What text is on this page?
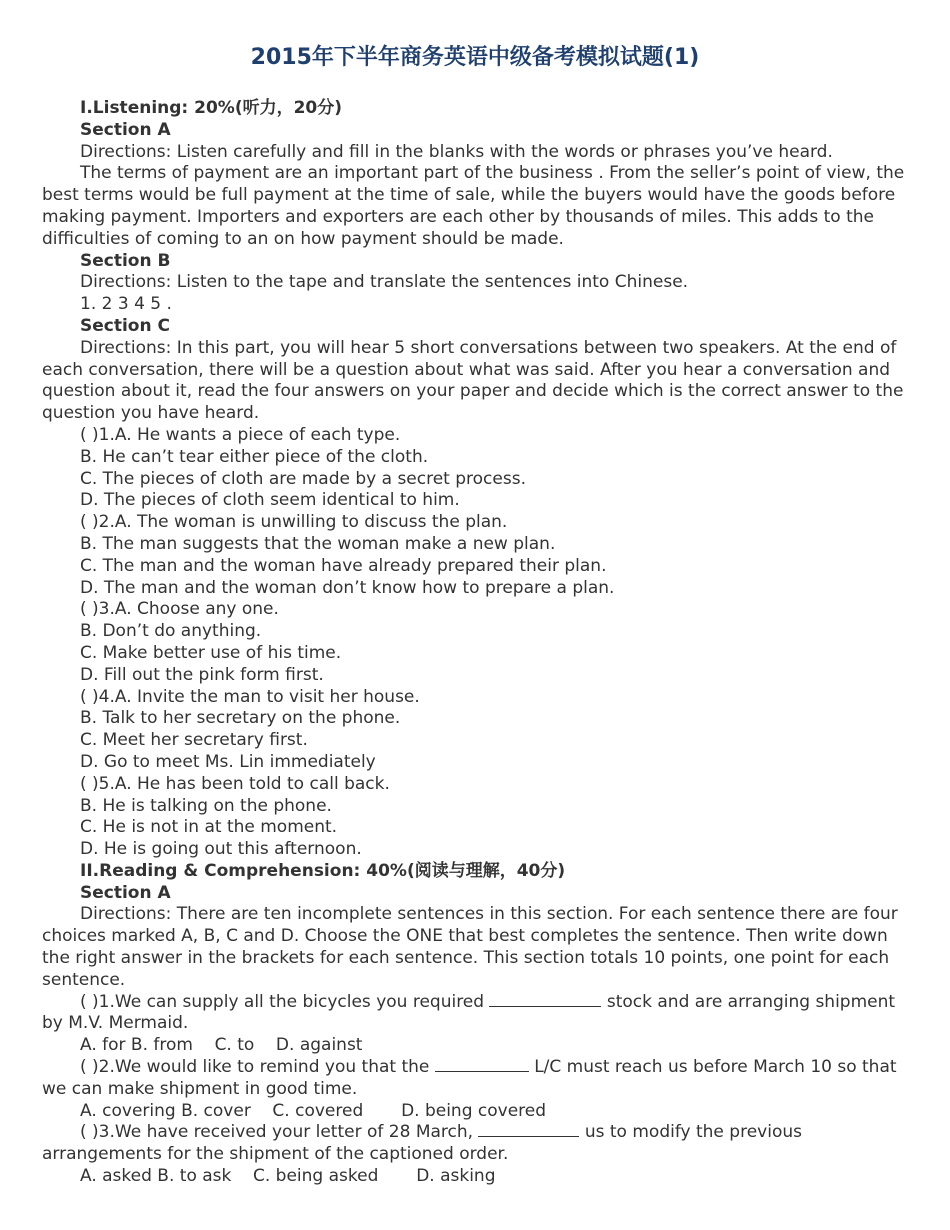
2015年下半年商务英语中级备考模拟试题(1)

Ⅰ.Listening: 20%(听力，20分)

Section A

Directions: Listen carefully and fill in the blanks with the words or phrases you’ve heard.

The terms of payment are an important part of the business . From the seller’s point of view, the best terms would be full payment at the time of sale, while the buyers would have the goods before making payment. Importers and exporters are each other by thousands of miles. This adds to the difficulties of coming to an on how payment should be made.

Section B

Directions: Listen to the tape and translate the sentences into Chinese.

1. 2 3 4 5 .

Section C

Directions: In this part, you will hear 5 short conversations between two speakers. At the end of each conversation, there will be a question about what was said. After you hear a conversation and question about it, read the four answers on your paper and decide which is the correct answer to the question you have heard.

( )1.A. He wants a piece of each type.

B. He can’t tear either piece of the cloth.

C. The pieces of cloth are made by a secret process.

D. The pieces of cloth seem identical to him.

( )2.A. The woman is unwilling to discuss the plan.

B. The man suggests that the woman make a new plan.

C. The man and the woman have already prepared their plan.

D. The man and the woman don’t know how to prepare a plan.

( )3.A. Choose any one.

B. Don’t do anything.

C. Make better use of his time.

D. Fill out the pink form first.

( )4.A. Invite the man to visit her house.

B. Talk to her secretary on the phone.

C. Meet her secretary first.

D. Go to meet Ms. Lin immediately

( )5.A. He has been told to call back.

B. He is talking on the phone.

C. He is not in at the moment.

D. He is going out this afternoon.

II.Reading & Comprehension: 40%(阅读与理解，40分)

Section A

Directions: There are ten incomplete sentences in this section. For each sentence there are four choices marked A, B, C and D. Choose the ONE that best completes the sentence. Then write down the right answer in the brackets for each sentence. This section totals 10 points, one point for each sentence.

( )1.We can supply all the bicycles you required	stock and are arranging shipment by M.V. Mermaid.

A. for B. from    C. to    D. against

( )2.We would like to remind you that the	L/C must reach us before March 10 so that we can make shipment in good time.

A. covering B. cover    C. covered       D. being covered

( )3.We have received your letter of 28 March,	us to modify the previous arrangements for the shipment of the captioned order.

A. asked B. to ask    C. being asked       D. asking
